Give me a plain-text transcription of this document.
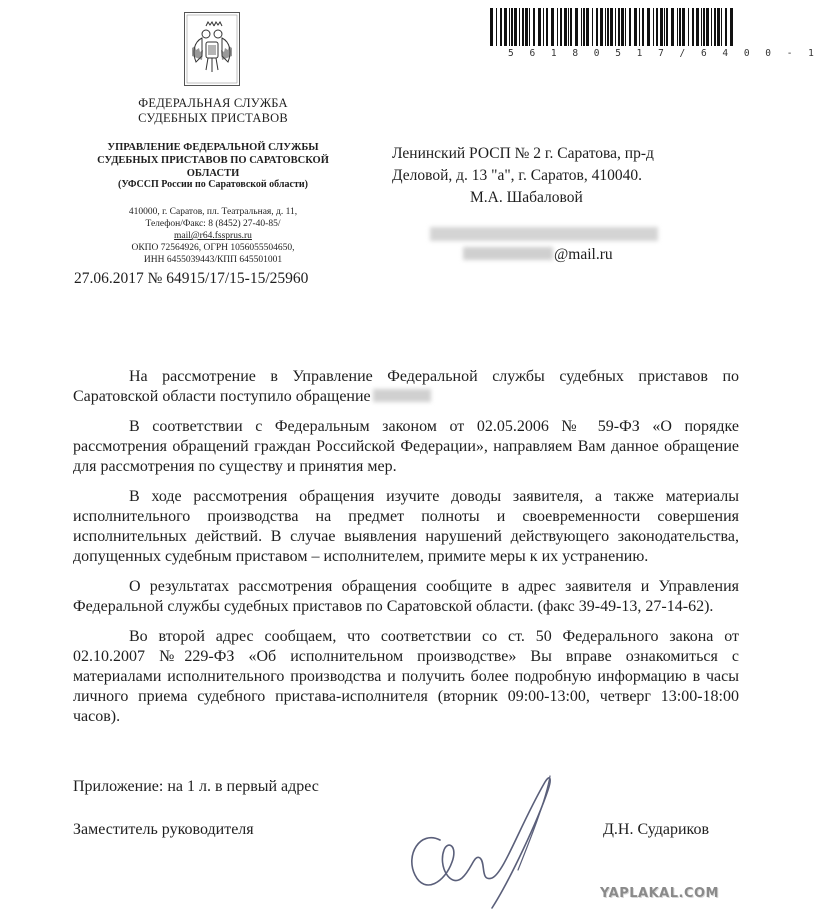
ФЕДЕРАЛЬНАЯ СЛУЖБА
СУДЕБНЫХ ПРИСТАВОВ
УПРАВЛЕНИЕ ФЕДЕРАЛЬНОЙ СЛУЖБЫ
СУДЕБНЫХ ПРИСТАВОВ ПО САРАТОВСКОЙ
ОБЛАСТИ
(УФССП России по Саратовской области)
410000, г. Саратов, пл. Театральная, д. 11,
Телефон/Факс: 8 (8452) 27-40-85/
mail@r64.fssprus.ru
ОКПО 72564926, ОГРН 1056055504650,
ИНН 6455039443/КПП 645501001
27.06.2017 № 64915/17/15-15/25960
5 6 1 8 0 5 1 7 / 6 4 0 0 - 1
Ленинский РОСП № 2 г. Саратова, пр-д
Деловой, д. 13 "а", г. Саратов, 410040.
М.А. Шабаловой
@mail.ru

На рассмотрение в Управление Федеральной службы судебных приставов по Саратовской области поступило обращение

В соответствии с Федеральным законом от 02.05.2006 № 59-ФЗ «О порядке рассмотрения обращений граждан Российской Федерации», направляем Вам данное обращение для рассмотрения по существу и принятия мер.

В ходе рассмотрения обращения изучите доводы заявителя, а также материалы исполнительного производства на предмет полноты и своевременности совершения исполнительных действий. В случае выявления нарушений действующего законодательства, допущенных судебным приставом – исполнителем, примите меры к их устранению.

О результатах рассмотрения обращения сообщите в адрес заявителя и Управления Федеральной службы судебных приставов по Саратовской области. (факс 39-49-13, 27-14-62).

Во второй адрес сообщаем, что соответствии со ст. 50 Федерального закона от 02.10.2007 №229-ФЗ «Об исполнительном производстве» Вы вправе ознакомиться с материалами исполнительного производства и получить более подробную информацию в часы личного приема судебного пристава-исполнителя (вторник 09:00-13:00, четверг 13:00-18:00 часов).

Приложение: на 1 л. в первый адрес
Заместитель руководителя	Д.Н. Судариков
YAPLAKAL.COM
